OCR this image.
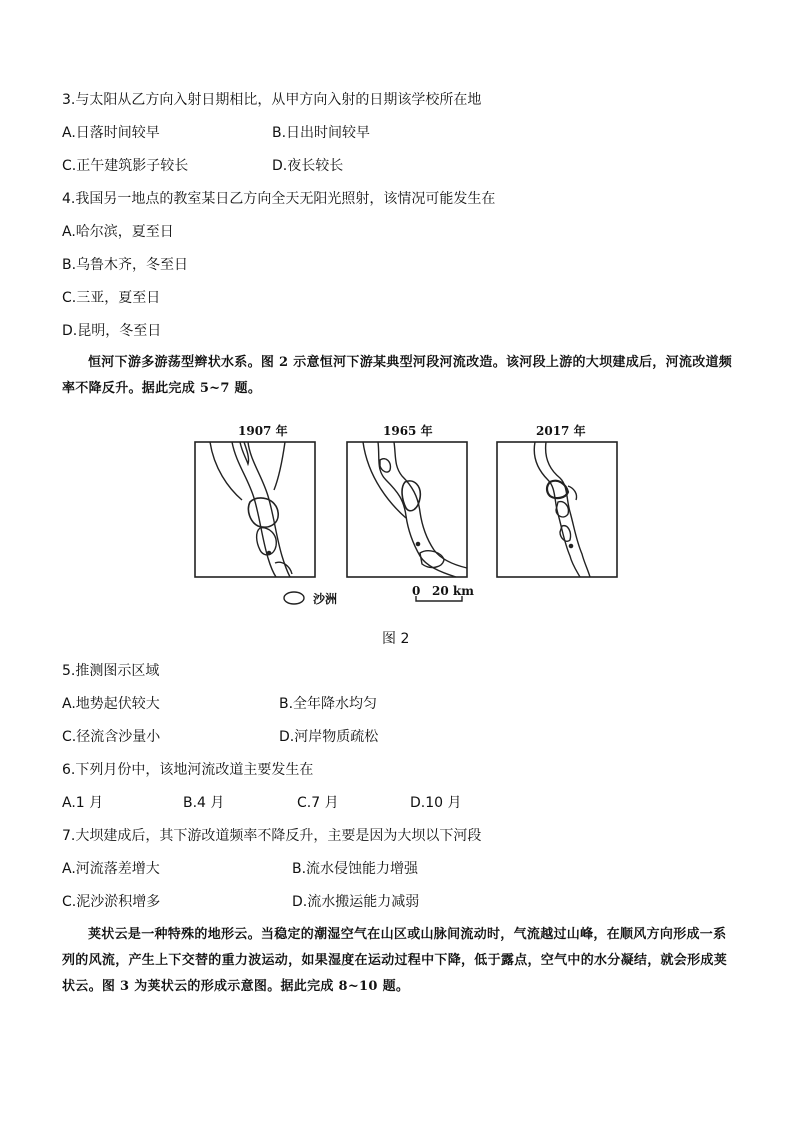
3.与太阳从乙方向入射日期相比，从甲方向入射的日期该学校所在地
A.日落时间较早	B.日出时间较早
C.正午建筑影子较长	D.夜长较长
4.我国另一地点的教室某日乙方向全天无阳光照射，该情况可能发生在
A.哈尔滨，夏至日
B.乌鲁木齐，冬至日
C.三亚，夏至日
D.昆明，冬至日
恒河下游多游荡型辫状水系。图 2 示意恒河下游某典型河段河流改造。该河段上游的大坝建成后，河流改道频率不降反升。据此完成 5~7 题。
1907 年	1965 年	2017 年
沙洲
0 20 km
图 2
5.推测图示区域
A.地势起伏较大	B.全年降水均匀
C.径流含沙量小	D.河岸物质疏松
6.下列月份中，该地河流改道主要发生在
A.1 月	B.4 月	C.7 月	D.10 月
7.大坝建成后，其下游改道频率不降反升，主要是因为大坝以下河段
A.河流落差增大	B.流水侵蚀能力增强
C.泥沙淤积增多	D.流水搬运能力减弱
荚状云是一种特殊的地形云。当稳定的潮湿空气在山区或山脉间流动时，气流越过山峰，在顺风方向形成一系列的风流，产生上下交替的重力波运动，如果湿度在运动过程中下降，低于露点，空气中的水分凝结，就会形成荚状云。图 3 为荚状云的形成示意图。据此完成 8~10 题。
